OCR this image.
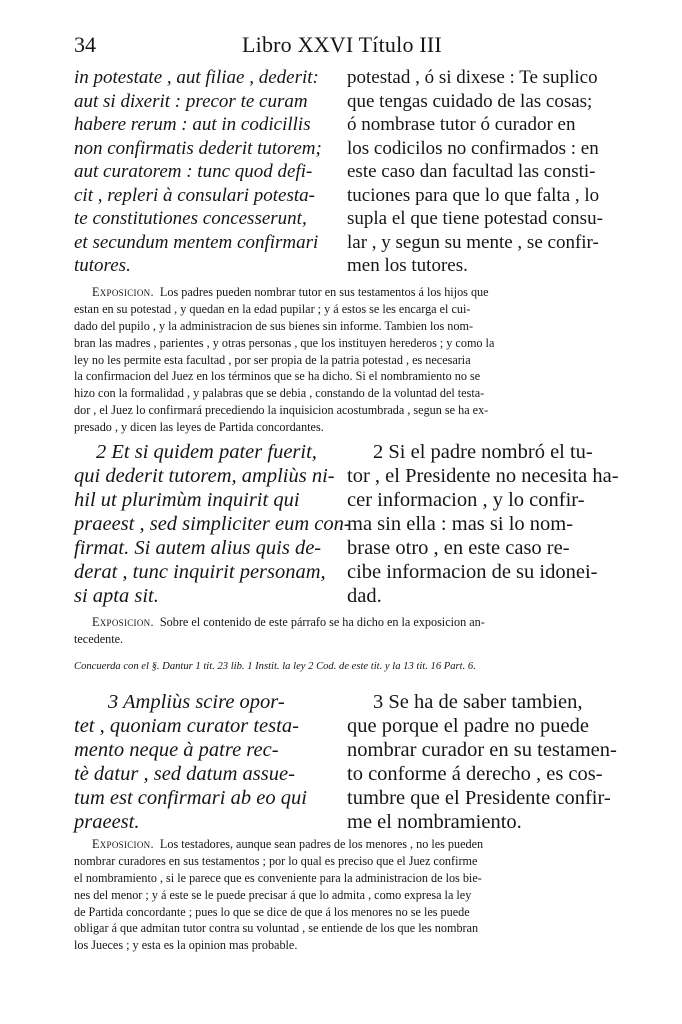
34	Libro XXVI Título III
in potestate , aut filiae , dederit:
aut si dixerit : precor te curam
habere rerum : aut in codicillis
non confirmatis dederit tutorem;
aut curatorem : tunc quod defi-
cit , repleri à consulari potesta-
te constitutiones concesserunt,
et secundum mentem confirmari
tutores.
potestad , ó si dixese : Te suplico
que tengas cuidado de las cosas;
ó nombrase tutor ó curador en
los codicilos no confirmados : en
este caso dan facultad las consti-
tuciones para que lo que falta , lo
supla el que tiene potestad consu-
lar , y segun su mente , se confir-
men los tutores.
Exposicion. Los padres pueden nombrar tutor en sus testamentos á los hijos que
estan en su potestad , y quedan en la edad pupilar ; y á estos se les encarga el cui-
dado del pupilo , y la administracion de sus bienes sin informe. Tambien los nom-
bran las madres , parientes , y otras personas , que los instituyen herederos ; y como la
ley no les permite esta facultad , por ser propia de la patria potestad , es necesaria
la confirmacion del Juez en los términos que se ha dicho. Si el nombramiento no se
hizo con la formalidad , y palabras que se debia , constando de la voluntad del testa-
dor , el Juez lo confirmará precediendo la inquisicion acostumbrada , segun se ha ex-
presado , y dicen las leyes de Partida concordantes.
2 Et si quidem pater fuerit,
qui dederit tutorem, ampliùs ni-
hil ut plurimùm inquirit qui
praeest , sed simpliciter eum con-
firmat. Si autem alius quis de-
derat , tunc inquirit personam,
si apta sit.
2 Si el padre nombró el tu-
tor , el Presidente no necesita ha-
cer informacion , y lo confir-
ma sin ella : mas si lo nom-
brase otro , en este caso re-
cibe informacion de su idonei-
dad.
Exposicion. Sobre el contenido de este párrafo se ha dicho en la exposicion an-
tecedente.
Concuerda con el §. Dantur 1 tit. 23 lib. 1 Instit. la ley 2 Cod. de este tit. y la 13 tit. 16 Part. 6.
3 Ampliùs scire opor-
tet , quoniam curator testa-
mento neque à patre rec-
tè datur , sed datum assue-
tum est confirmari ab eo qui
praeest.
3 Se ha de saber tambien,
que porque el padre no puede
nombrar curador en su testamen-
to conforme á derecho , es cos-
tumbre que el Presidente confir-
me el nombramiento.
Exposicion. Los testadores, aunque sean padres de los menores , no les pueden
nombrar curadores en sus testamentos ; por lo qual es preciso que el Juez confirme
el nombramiento , si le parece que es conveniente para la administracion de los bie-
nes del menor ; y á este se le puede precisar á que lo admita , como expresa la ley
de Partida concordante ; pues lo que se dice de que á los menores no se les puede
obligar á que admitan tutor contra su voluntad , se entiende de los que les nombran
los Jueces ; y esta es la opinion mas probable.
